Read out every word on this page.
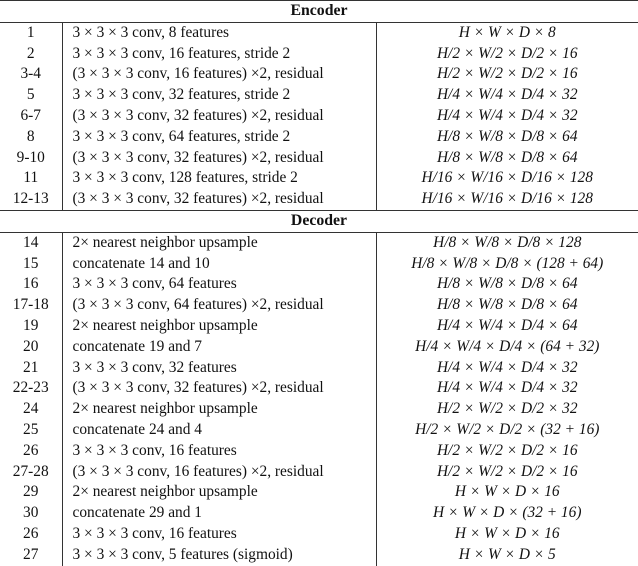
Encoder		
1	3 × 3 × 3 conv, 8 features	H × W × D × 8
2	3 × 3 × 3 conv, 16 features, stride 2	H/2 × W/2 × D/2 × 16
3-4	(3 × 3 × 3 conv, 16 features) ×2, residual	H/2 × W/2 × D/2 × 16
5	3 × 3 × 3 conv, 32 features, stride 2	H/4 × W/4 × D/4 × 32
6-7	(3 × 3 × 3 conv, 32 features) ×2, residual	H/4 × W/4 × D/4 × 32
8	3 × 3 × 3 conv, 64 features, stride 2	H/8 × W/8 × D/8 × 64
9-10	(3 × 3 × 3 conv, 32 features) ×2, residual	H/8 × W/8 × D/8 × 64
11	3 × 3 × 3 conv, 128 features, stride 2	H/16 × W/16 × D/16 × 128
12-13	(3 × 3 × 3 conv, 32 features) ×2, residual	H/16 × W/16 × D/16 × 128
Decoder		
14	2× nearest neighbor upsample	H/8 × W/8 × D/8 × 128
15	concatenate 14 and 10	H/8 × W/8 × D/8 × (128 + 64)
16	3 × 3 × 3 conv, 64 features	H/8 × W/8 × D/8 × 64
17-18	(3 × 3 × 3 conv, 64 features) ×2, residual	H/8 × W/8 × D/8 × 64
19	2× nearest neighbor upsample	H/4 × W/4 × D/4 × 64
20	concatenate 19 and 7	H/4 × W/4 × D/4 × (64 + 32)
21	3 × 3 × 3 conv, 32 features	H/4 × W/4 × D/4 × 32
22-23	(3 × 3 × 3 conv, 32 features) ×2, residual	H/4 × W/4 × D/4 × 32
24	2× nearest neighbor upsample	H/2 × W/2 × D/2 × 32
25	concatenate 24 and 4	H/2 × W/2 × D/2 × (32 + 16)
26	3 × 3 × 3 conv, 16 features	H/2 × W/2 × D/2 × 16
27-28	(3 × 3 × 3 conv, 16 features) ×2, residual	H/2 × W/2 × D/2 × 16
29	2× nearest neighbor upsample	H × W × D × 16
30	concatenate 29 and 1	H × W × D × (32 + 16)
26	3 × 3 × 3 conv, 16 features	H × W × D × 16
27	3 × 3 × 3 conv, 5 features (sigmoid)	H × W × D × 5
